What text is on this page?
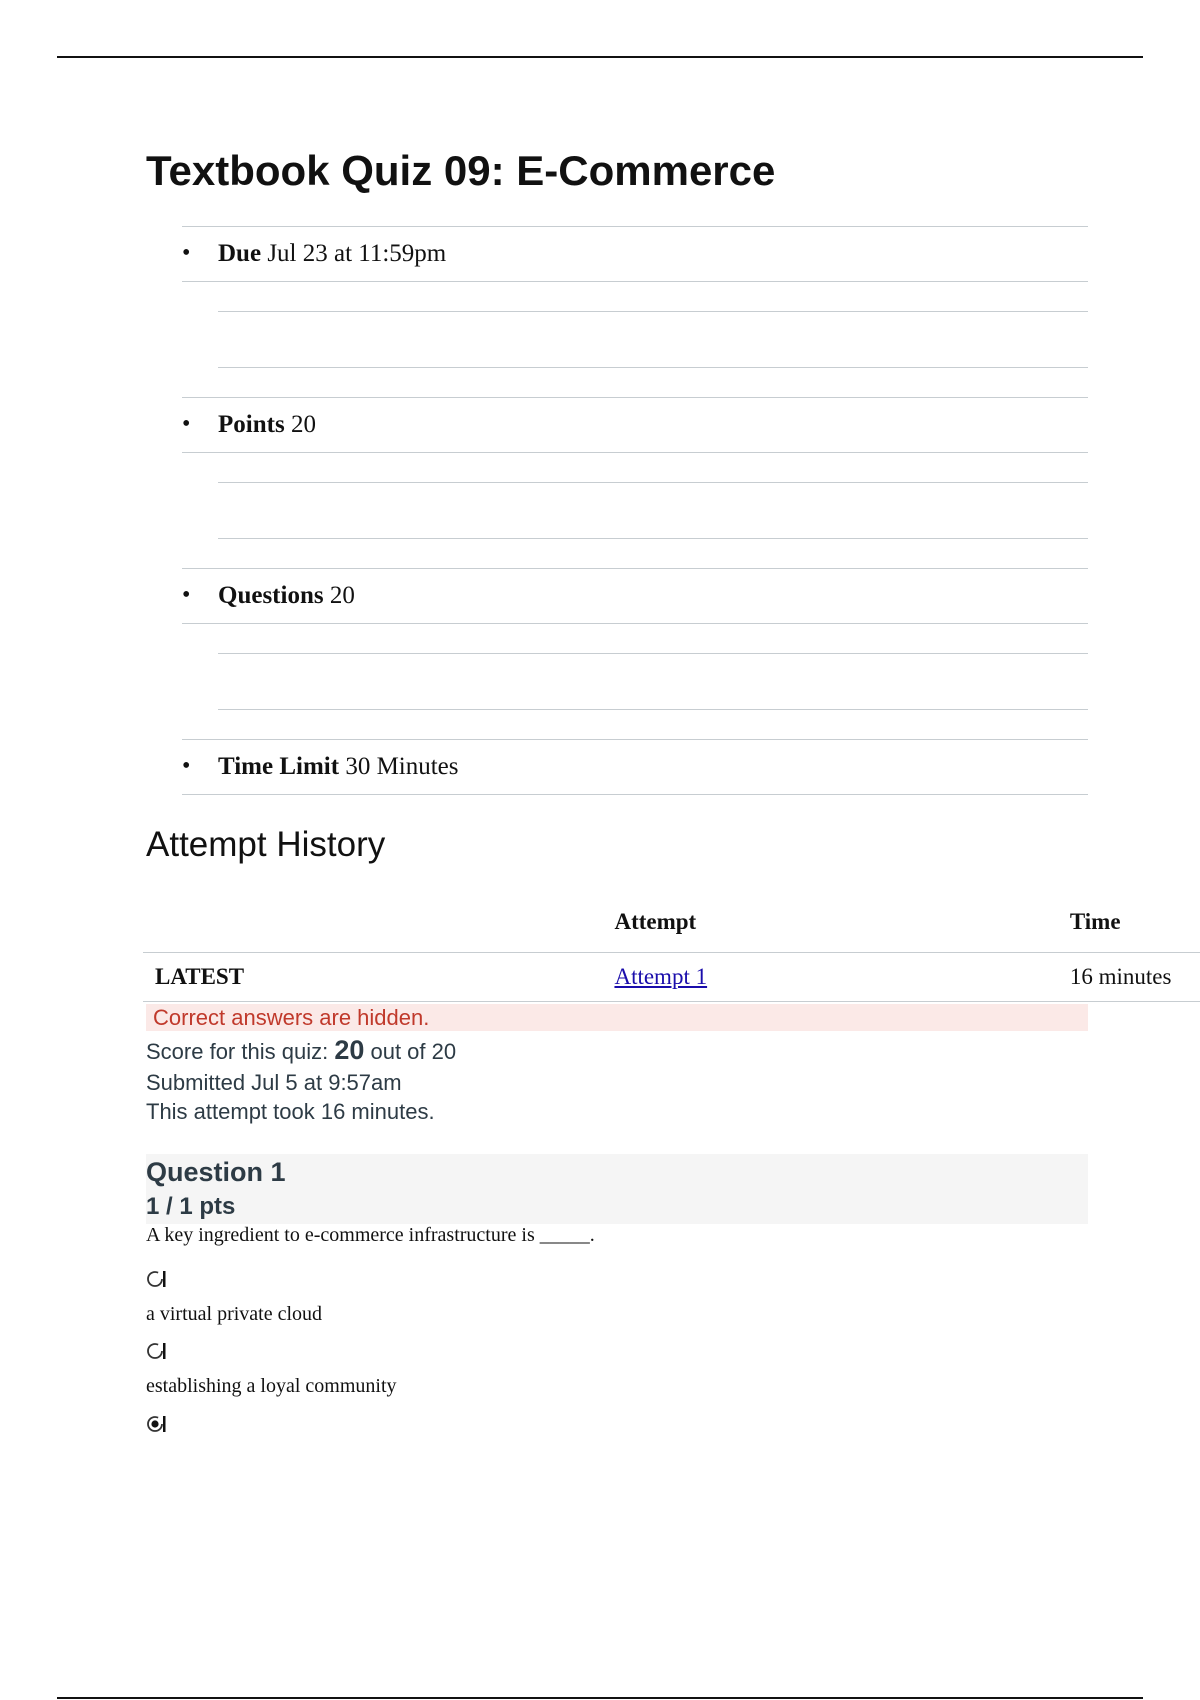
Textbook Quiz 09: E-Commerce
• Due Jul 23 at 11:59pm
• Points 20
• Questions 20
• Time Limit 30 Minutes
Attempt History
	Attempt	Time
LATEST	Attempt 1	16 minutes
Correct answers are hidden.
Score for this quiz: 20 out of 20
Submitted Jul 5 at 9:57am
This attempt took 16 minutes.
Question 1
1 / 1 pts
A key ingredient to e-commerce infrastructure is _____.
a virtual private cloud
establishing a loyal community
